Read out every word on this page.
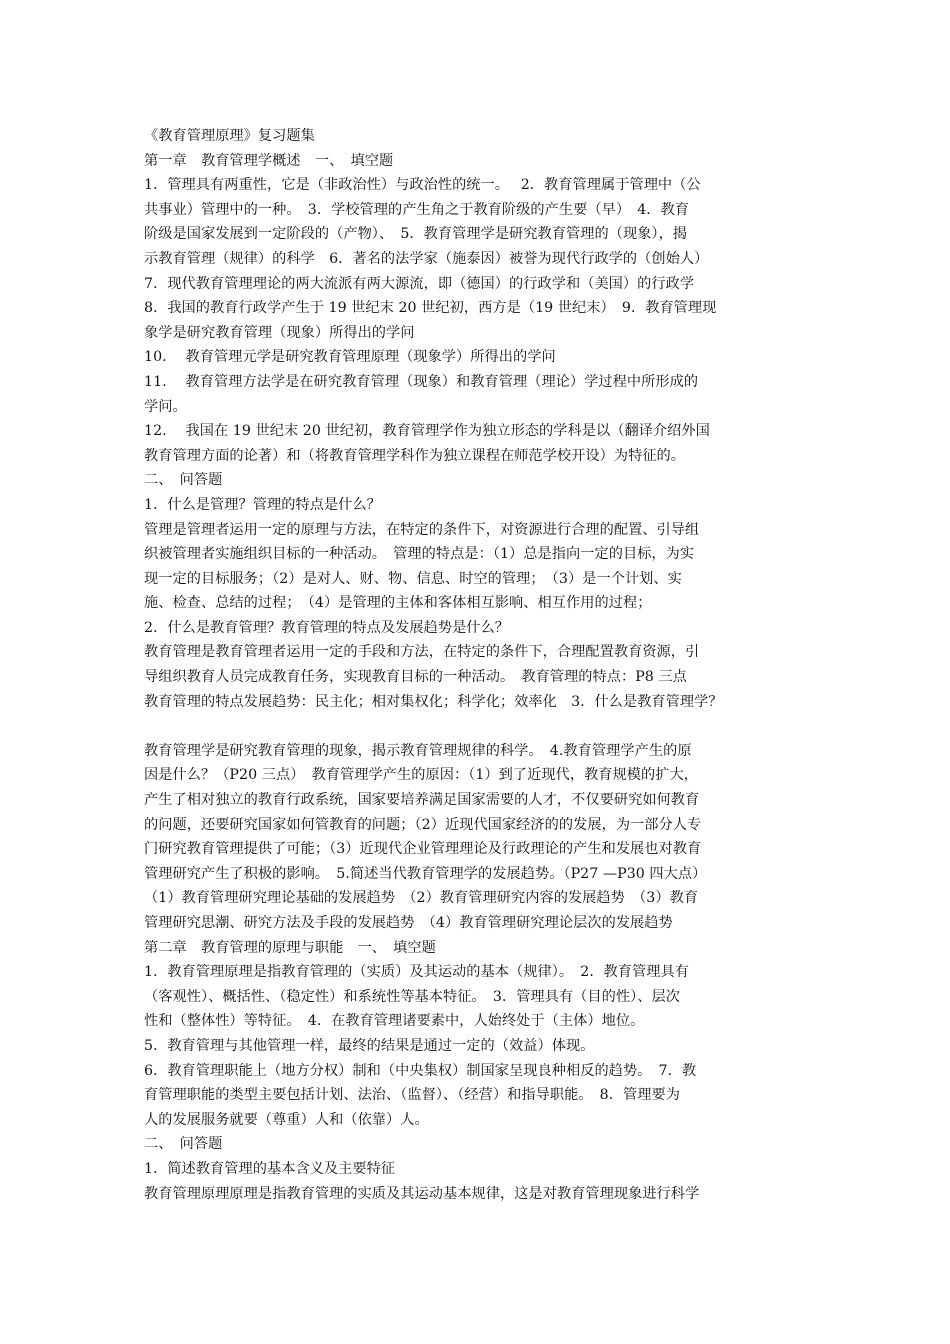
《教育管理原理》复习题集
第一章　教育管理学概述　一、　填空题
1．管理具有两重性，它是（非政治性）与政治性的统一。　 2．教育管理属于管理中（公
共事业）管理中的一种。　3．学校管理的产生角之于教育阶级的产生要（早）　4．教育
阶级是国家发展到一定阶段的（产物）、　5．教育管理学是研究教育管理的（现象），揭
示教育管理（规律）的科学　6．著名的法学家（施泰因）被誉为现代行政学的（创始人）
7．现代教育管理理论的两大流派有两大源流，即（德国）的行政学和（美国）的行政学
8．我国的教育行政学产生于 19 世纪末 20 世纪初，西方是（19 世纪末）　9．教育管理现
象学是研究教育管理（现象）所得出的学问
10.　 教育管理元学是研究教育管理原理（现象学）所得出的学问
11.　 教育管理方法学是在研究教育管理（现象）和教育管理（理论）学过程中所形成的
学问。
12.　 我国在 19 世纪末 20 世纪初，教育管理学作为独立形态的学科是以（翻译介绍外国
教育管理方面的论著）和（将教育管理学科作为独立课程在师范学校开设）为特征的。
二、　问答题
1．什么是管理？管理的特点是什么？
管理是管理者运用一定的原理与方法，在特定的条件下，对资源进行合理的配置、引导组
织被管理者实施组织目标的一种活动。　管理的特点是：（1）总是指向一定的目标，为实
现一定的目标服务；（2）是对人、财、物、信息、时空的管理；　（3）是一个计划、实
施、检查、总结的过程；　（4）是管理的主体和客体相互影响、相互作用的过程；
2．什么是教育管理？教育管理的特点及发展趋势是什么？
教育管理是教育管理者运用一定的手段和方法，在特定的条件下，合理配置教育资源，引
导组织教育人员完成教育任务，实现教育目标的一种活动。　教育管理的特点：P8 三点
教育管理的特点发展趋势：民主化；相对集权化；科学化；效率化　3．什么是教育管理学？
教育管理学是研究教育管理的现象，揭示教育管理规律的科学。　4.教育管理学产生的原
因是什么？（P20 三点）　教育管理学产生的原因：（1）到了近现代，教育规模的扩大，
产生了相对独立的教育行政系统，国家要培养满足国家需要的人才，不仅要研究如何教育
的问题，还要研究国家如何管教育的问题；（2）近现代国家经济的的发展，为一部分人专
门研究教育管理提供了可能；（3）近现代企业管理理论及行政理论的产生和发展也对教育
管理研究产生了积极的影响。　5.简述当代教育管理学的发展趋势。（P27 —P30 四大点）
（1）教育管理研究理论基础的发展趋势　（2）教育管理研究内容的发展趋势　（3）教育
管理研究思潮、研究方法及手段的发展趋势　（4）教育管理研究理论层次的发展趋势
第二章　教育管理的原理与职能　一、　填空题
1．教育管理原理是指教育管理的（实质）及其运动的基本（规律）。　2．教育管理具有
（客观性）、概括性、（稳定性）和系统性等基本特征。　3．管理具有（目的性）、层次
性和（整体性）等特征。　4．在教育管理诸要素中，人始终处于（主体）地位。
5．教育管理与其他管理一样，最终的结果是通过一定的（效益）体现。
6．教育管理职能上（地方分权）制和（中央集权）制国家呈现良种相反的趋势。　7．教
育管理职能的类型主要包括计划、法治、（监督）、（经营）和指导职能。　8．管理要为
人的发展服务就要（尊重）人和（依靠）人。
二、　问答题
1．简述教育管理的基本含义及主要特征
教育管理原理原理是指教育管理的实质及其运动基本规律，这是对教育管理现象进行科学
